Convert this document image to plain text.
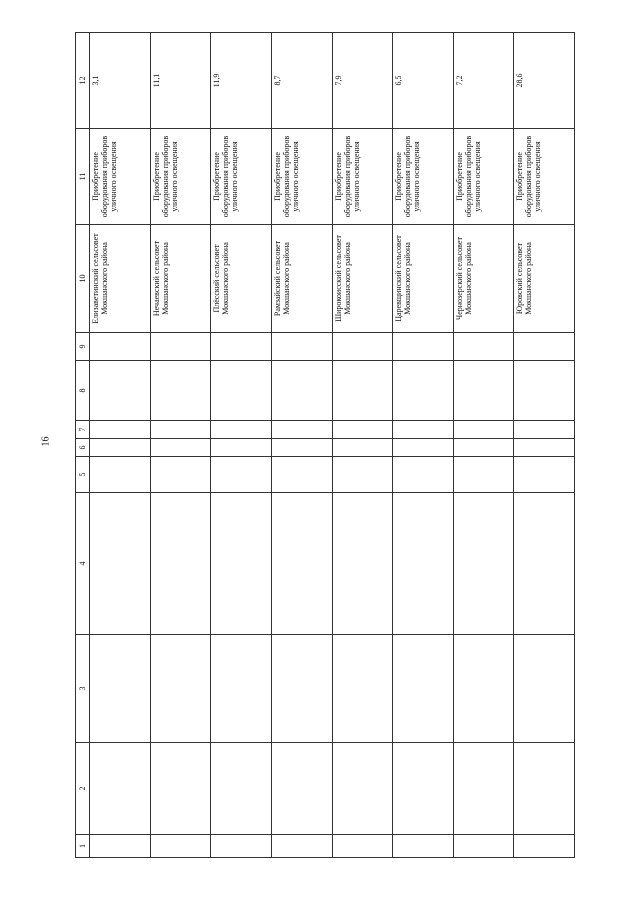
16
1	2	3	4	5	6	7	8	9	10	11	12
									Елизаветинский сельсовет Мокшанского района	Приобретение оборудования приборов уличного освещения	3,1
									Нечаевский сельсовет Мокшанского района	Приобретение оборудования приборов уличного освещения	11,1
									Плёсский сельсовет Мокшанского района	Приобретение оборудования приборов уличного освещения	11,9
									Рамзайский сельсовет Мокшанского района	Приобретение оборудования приборов уличного освещения	8,7
									Широкоисский сельсовет Мокшанского района	Приобретение оборудования приборов уличного освещения	7,9
									Царевщинский сельсовет Мокшанского района	Приобретение оборудования приборов уличного освещения	6,5
									Чернозерский сельсовет Мокшанского района	Приобретение оборудования приборов уличного освещения	7,2
									Юровский сельсовет Мокшанского района	Приобретение оборудования приборов уличного освещения	28,6
